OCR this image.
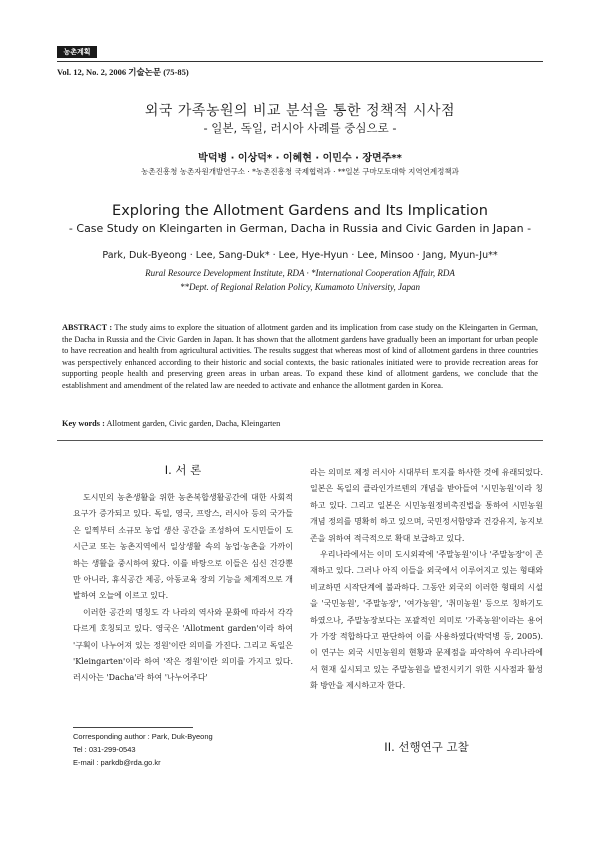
농촌계획
Vol. 12, No. 2, 2006 기술논문 (75-85)
외국 가족농원의 비교 분석을 통한 정책적 시사점
- 일본, 독일, 러시아 사례를 중심으로 -
박덕병 · 이상덕* · 이혜현 · 이민수 · 장면주**
농촌진흥청 농촌자원개발연구소 · *농촌진흥청 국제협력과 · **일본 구마모토대학 지역연계정책과
Exploring the Allotment Gardens and Its Implication
- Case Study on Kleingarten in German, Dacha in Russia and Civic Garden in Japan -
Park, Duk-Byeong · Lee, Sang-Duk* · Lee, Hye-Hyun · Lee, Minsoo · Jang, Myun-Ju**
Rural Resource Development Institute, RDA · *International Cooperation Affair, RDA
**Dept. of Regional Relation Policy, Kumamoto University, Japan
ABSTRACT : The study aims to explore the situation of allotment garden and its implication from case study on the Kleingarten in German, the Dacha in Russia and the Civic Garden in Japan. It has shown that the allotment gardens have gradually been an important for urban people to have recreation and health from agricultural activities. The results suggest that whereas most of kind of allotment gardens in three countries was perspectively enhanced according to their historic and social contexts, the basic rationales initiated were to provide recreation areas for supporting people health and preserving green areas in urban areas. To expand these kind of allotment gardens, we conclude that the establishment and amendment of the related law are needed to activate and enhance the allotment garden in Korea.
Key words : Allotment garden, Civic garden, Dacha, Kleingarten
I. 서 론

도시민의 농촌생활을 위한 농촌복합생활공간에 대한 사회적 요구가 증가되고 있다. 독일, 영국, 프랑스, 러시아 등의 국가들은 일찍부터 소규모 농업 생산 공간을 조성하여 도시민들이 도시근교 또는 농촌지역에서 일상생활 속의 농업·농촌을 가까이 하는 생활을 중시하여 왔다. 이를 바탕으로 이들은 심신 건강뿐만 아니라, 휴식공간 제공, 아동교육 장의 기능을 체계적으로 개발하여 오늘에 이르고 있다.

이러한 공간의 명칭도 각 나라의 역사와 문화에 따라서 각각 다르게 호칭되고 있다. 영국은 'Allotment garden'이라 하여 '구획이 나누어져 있는 정원'이란 의미를 가진다. 그리고 독일은 'Kleingarten'이라 하여 '작은 정원'이란 의미를 가지고 있다. 러시아는 'Dacha'라 하여 '나누어주다'

Corresponding author : Park, Duk-Byeong
Tel : 031-299-0543
E-mail : parkdb@rda.go.kr

라는 의미로 제정 러시아 시대부터 토지를 하사한 것에 유래되었다. 일본은 독일의 클라인가르텐의 개념을 받아들여 '시민농원'이라 칭하고 있다. 그리고 일본은 시민농원정비촉진법을 통하여 시민농원 개념 정의를 명확히 하고 있으며, 국민정서함양과 건강유지, 농지보존을 위하여 적극적으로 확대 보급하고 있다.

우리나라에서는 이미 도시외곽에 '주말농원'이나 '주말농장'이 존재하고 있다. 그러나 아직 이들을 외국에서 이루어지고 있는 형태와 비교하면 시작단계에 불과하다. 그동안 외국의 이러한 형태의 시설을 '국민농원', '주말농장', '여가농원', '취미농원' 등으로 칭하기도 하였으나, 주말농장보다는 포괄적인 의미로 '가족농원'이라는 용어가 가장 적합하다고 판단하여 이를 사용하였다(박덕병 등, 2005). 이 연구는 외국 시민농원의 현황과 문제점을 파악하여 우리나라에서 현재 실시되고 있는 주말농원을 발전시키기 위한 시사점과 활성화 방안을 제시하고자 한다.

II. 선행연구 고찰
